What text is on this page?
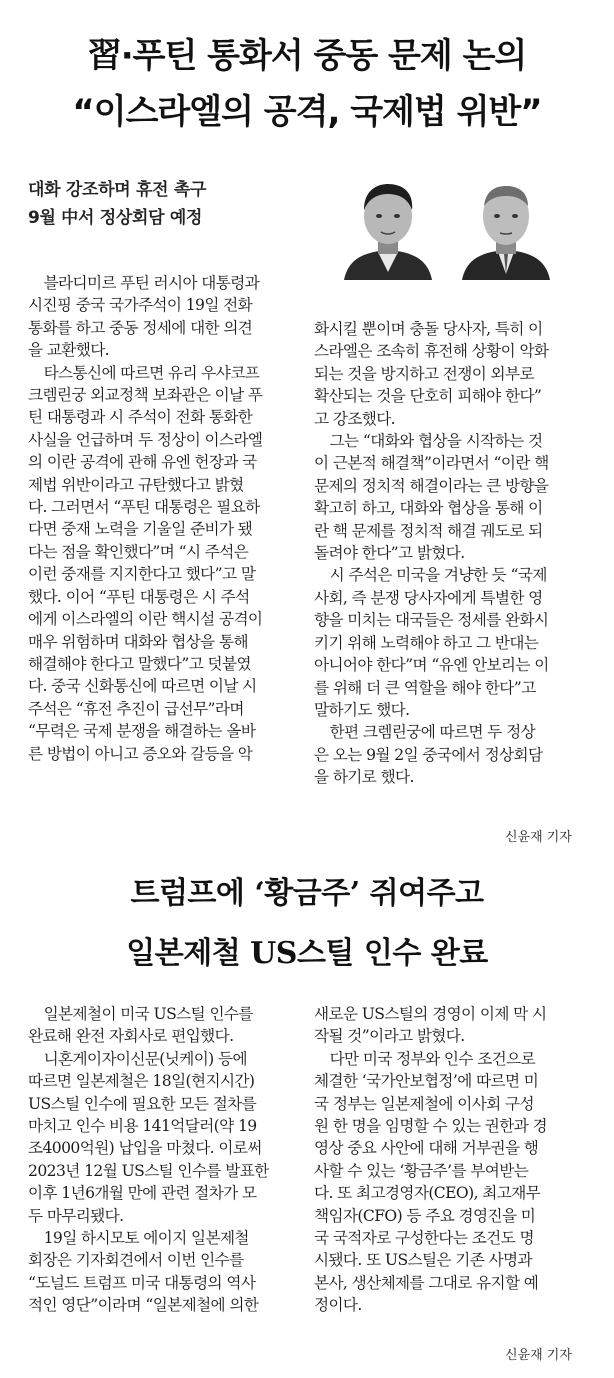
習·푸틴 통화서 중동 문제 논의
“이스라엘의 공격, 국제법 위반”
대화 강조하며 휴전 촉구
9월 中서 정상회담 예정
블라디미르 푸틴 러시아 대통령과
시진핑 중국 국가주석이 19일 전화
통화를 하고 중동 정세에 대한 의견
을 교환했다.
타스통신에 따르면 유리 우샤코프
크렘린궁 외교정책 보좌관은 이날 푸
틴 대통령과 시 주석이 전화 통화한
사실을 언급하며 두 정상이 이스라엘
의 이란 공격에 관해 유엔 헌장과 국
제법 위반이라고 규탄했다고 밝혔
다. 그러면서 “푸틴 대통령은 필요하
다면 중재 노력을 기울일 준비가 됐
다는 점을 확인했다”며 “시 주석은
이런 중재를 지지한다고 했다”고 말
했다. 이어 “푸틴 대통령은 시 주석
에게 이스라엘의 이란 핵시설 공격이
매우 위험하며 대화와 협상을 통해
해결해야 한다고 말했다”고 덧붙였
다. 중국 신화통신에 따르면 이날 시
주석은 “휴전 추진이 급선무”라며
“무력은 국제 분쟁을 해결하는 올바
른 방법이 아니고 증오와 갈등을 악
화시킬 뿐이며 충돌 당사자, 특히 이
스라엘은 조속히 휴전해 상황이 악화
되는 것을 방지하고 전쟁이 외부로
확산되는 것을 단호히 피해야 한다”
고 강조했다.
그는 “대화와 협상을 시작하는 것
이 근본적 해결책”이라면서 “이란 핵
문제의 정치적 해결이라는 큰 방향을
확고히 하고, 대화와 협상을 통해 이
란 핵 문제를 정치적 해결 궤도로 되
돌려야 한다”고 밝혔다.
시 주석은 미국을 겨냥한 듯 “국제
사회, 즉 분쟁 당사자에게 특별한 영
향을 미치는 대국들은 정세를 완화시
키기 위해 노력해야 하고 그 반대는
아니어야 한다”며 “유엔 안보리는 이
를 위해 더 큰 역할을 해야 한다”고
말하기도 했다.
한편 크렘린궁에 따르면 두 정상
은 오는 9월 2일 중국에서 정상회담
을 하기로 했다.
신윤재 기자
트럼프에 ‘황금주’ 쥐여주고
일본제철 US스틸 인수 완료
일본제철이 미국 US스틸 인수를
완료해 완전 자회사로 편입했다.
니혼게이자이신문(닛케이) 등에
따르면 일본제철은 18일(현지시간)
US스틸 인수에 필요한 모든 절차를
마치고 인수 비용 141억달러(약 19
조4000억원) 납입을 마쳤다. 이로써
2023년 12월 US스틸 인수를 발표한
이후 1년6개월 만에 관련 절차가 모
두 마무리됐다.
19일 하시모토 에이지 일본제철
회장은 기자회견에서 이번 인수를
“도널드 트럼프 미국 대통령의 역사
적인 영단”이라며 “일본제철에 의한
새로운 US스틸의 경영이 이제 막 시
작될 것”이라고 밝혔다.
다만 미국 정부와 인수 조건으로
체결한 ‘국가안보협정’에 따르면 미
국 정부는 일본제철에 이사회 구성
원 한 명을 임명할 수 있는 권한과 경
영상 중요 사안에 대해 거부권을 행
사할 수 있는 ‘황금주’를 부여받는
다. 또 최고경영자(CEO), 최고재무
책임자(CFO) 등 주요 경영진을 미
국 국적자로 구성한다는 조건도 명
시됐다. 또 US스틸은 기존 사명과
본사, 생산체제를 그대로 유지할 예
정이다.
신윤재 기자
